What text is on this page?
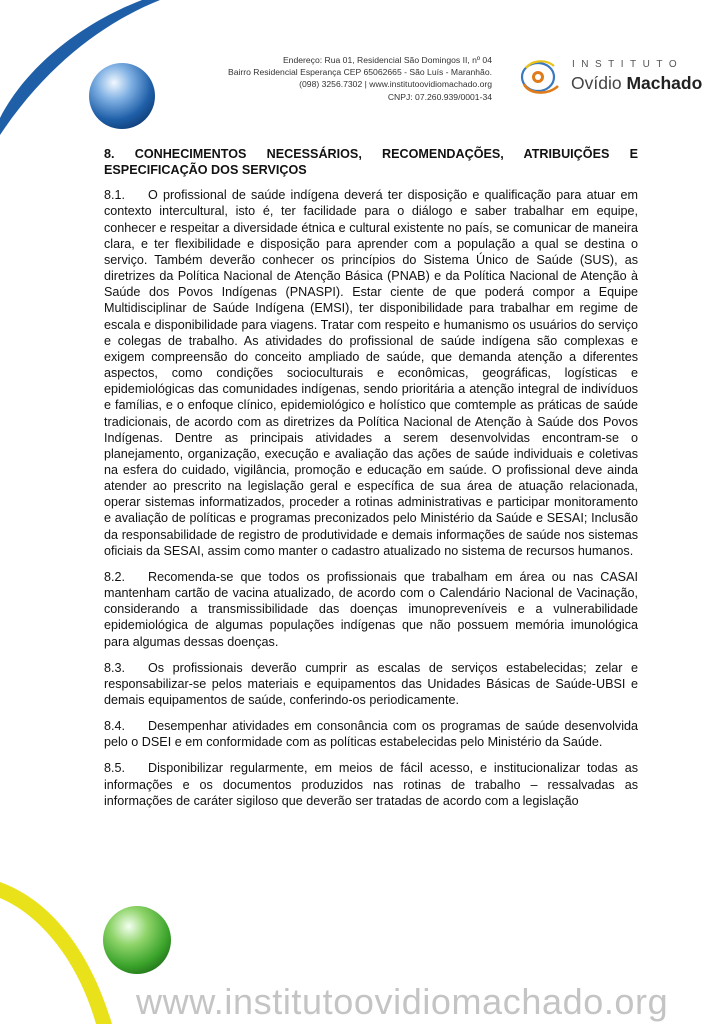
Endereço: Rua 01, Residencial São Domingos II, nº 04
Bairro Residencial Esperança CEP 65062665 - São Luís - Maranhão.
(098) 3256.7302 | www.institutoovidiomachado.org
CNPJ: 07.260.939/0001-34
INSTITUTO
Ovídio Machado
8. CONHECIMENTOS NECESSÁRIOS, RECOMENDAÇÕES, ATRIBUIÇÕES E ESPECIFICAÇÃO DOS SERVIÇOS

8.1. O profissional de saúde indígena deverá ter disposição e qualificação para atuar em contexto intercultural, isto é, ter facilidade para o diálogo e saber trabalhar em equipe, conhecer e respeitar a diversidade étnica e cultural existente no país, se comunicar de maneira clara, e ter flexibilidade e disposição para aprender com a população a qual se destina o serviço. Também deverão conhecer os princípios do Sistema Único de Saúde (SUS), as diretrizes da Política Nacional de Atenção Básica (PNAB) e da Política Nacional de Atenção à Saúde dos Povos Indígenas (PNASPI). Estar ciente de que poderá compor a Equipe Multidisciplinar de Saúde Indígena (EMSI), ter disponibilidade para trabalhar em regime de escala e disponibilidade para viagens. Tratar com respeito e humanismo os usuários do serviço e colegas de trabalho. As atividades do profissional de saúde indígena são complexas e exigem compreensão do conceito ampliado de saúde, que demanda atenção a diferentes aspectos, como condições socioculturais e econômicas, geográficas, logísticas e epidemiológicas das comunidades indígenas, sendo prioritária a atenção integral de indivíduos e famílias, e o enfoque clínico, epidemiológico e holístico que comtemple as práticas de saúde tradicionais, de acordo com as diretrizes da Política Nacional de Atenção à Saúde dos Povos Indígenas. Dentre as principais atividades a serem desenvolvidas encontram-se o planejamento, organização, execução e avaliação das ações de saúde individuais e coletivas na esfera do cuidado, vigilância, promoção e educação em saúde. O profissional deve ainda atender ao prescrito na legislação geral e específica de sua área de atuação relacionada, operar sistemas informatizados, proceder a rotinas administrativas e participar monitoramento e avaliação de políticas e programas preconizados pelo Ministério da Saúde e SESAI; Inclusão da responsabilidade de registro de produtividade e demais informações de saúde nos sistemas oficiais da SESAI, assim como manter o cadastro atualizado no sistema de recursos humanos.

8.2. Recomenda-se que todos os profissionais que trabalham em área ou nas CASAI mantenham cartão de vacina atualizado, de acordo com o Calendário Nacional de Vacinação, considerando a transmissibilidade das doenças imunopreveníveis e a vulnerabilidade epidemiológica de algumas populações indígenas que não possuem memória imunológica para algumas dessas doenças.

8.3. Os profissionais deverão cumprir as escalas de serviços estabelecidas; zelar e responsabilizar-se pelos materiais e equipamentos das Unidades Básicas de Saúde-UBSI e demais equipamentos de saúde, conferindo-os periodicamente.

8.4. Desempenhar atividades em consonância com os programas de saúde desenvolvida pelo o DSEI e em conformidade com as políticas estabelecidas pelo Ministério da Saúde.

8.5. Disponibilizar regularmente, em meios de fácil acesso, e institucionalizar todas as informações e os documentos produzidos nas rotinas de trabalho – ressalvadas as informações de caráter sigiloso que deverão ser tratadas de acordo com a legislação

www.institutoovidiomachado.org
